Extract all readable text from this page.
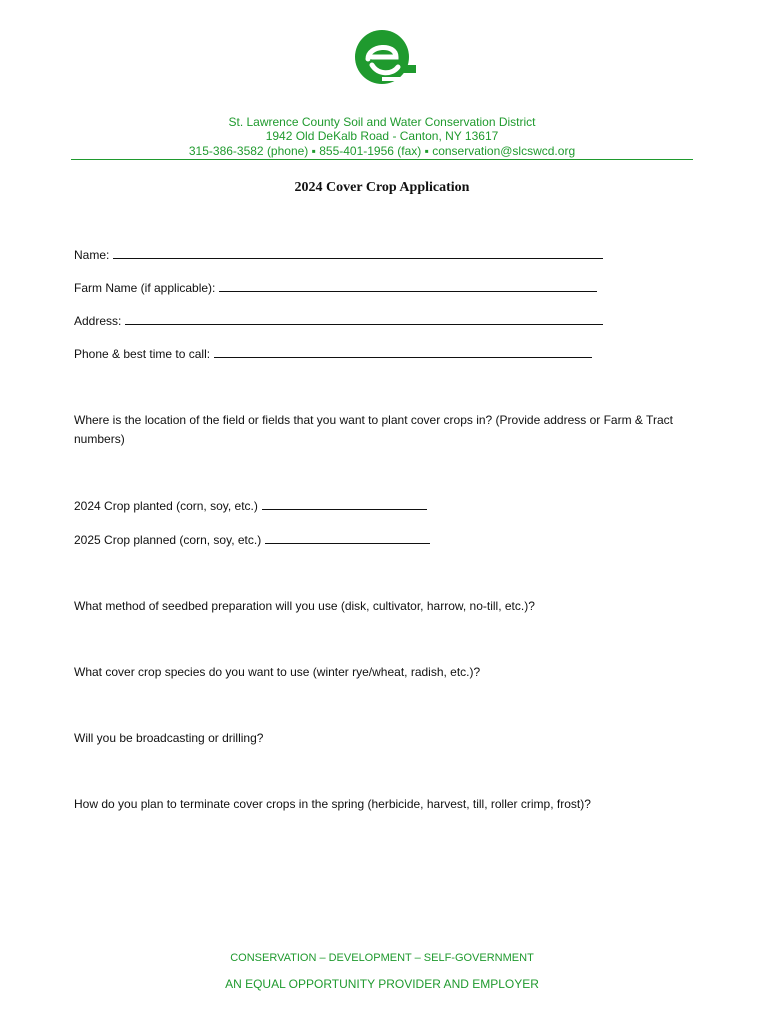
St. Lawrence County Soil and Water Conservation District
1942 Old DeKalb Road - Canton, NY 13617
315-386-3582 (phone) ▪ 855-401-1956 (fax) ▪ conservation@slcswcd.org
2024 Cover Crop Application
Name:
Farm Name (if applicable):
Address:
Phone & best time to call:
Where is the location of the field or fields that you want to plant cover crops in? (Provide address or Farm & Tract numbers)
2024 Crop planted (corn, soy, etc.)
2025 Crop planned (corn, soy, etc.)
What method of seedbed preparation will you use (disk, cultivator, harrow, no-till, etc.)?
What cover crop species do you want to use (winter rye/wheat, radish, etc.)?
Will you be broadcasting or drilling?
How do you plan to terminate cover crops in the spring (herbicide, harvest, till, roller crimp, frost)?
CONSERVATION – DEVELOPMENT – SELF-GOVERNMENT
AN EQUAL OPPORTUNITY PROVIDER AND EMPLOYER
